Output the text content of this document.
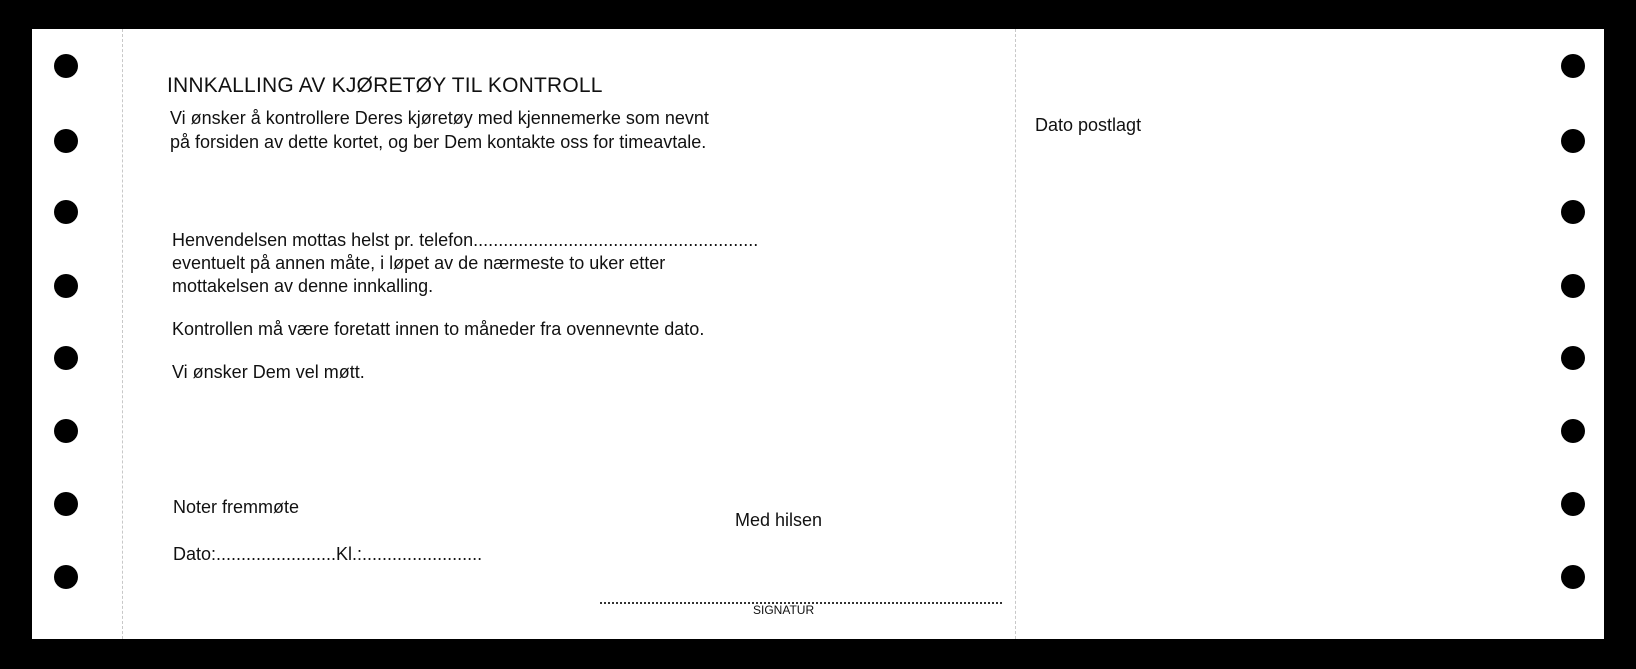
INNKALLING AV KJØRETØY TIL KONTROLL
Vi ønsker å kontrollere Deres kjøretøy med kjennemerke som nevnt
på forsiden av dette kortet, og ber Dem kontakte oss for timeavtale.
Henvendelsen mottas helst pr. telefon.........................................................
eventuelt på annen måte, i løpet av de nærmeste to uker etter
mottakelsen av denne innkalling.
Kontrollen må være foretatt innen to måneder fra ovennevnte dato.
Vi ønsker Dem vel møtt.
Noter fremmøte
Dato:........................Kl.:........................
Med hilsen
SIGNATUR
Dato postlagt
